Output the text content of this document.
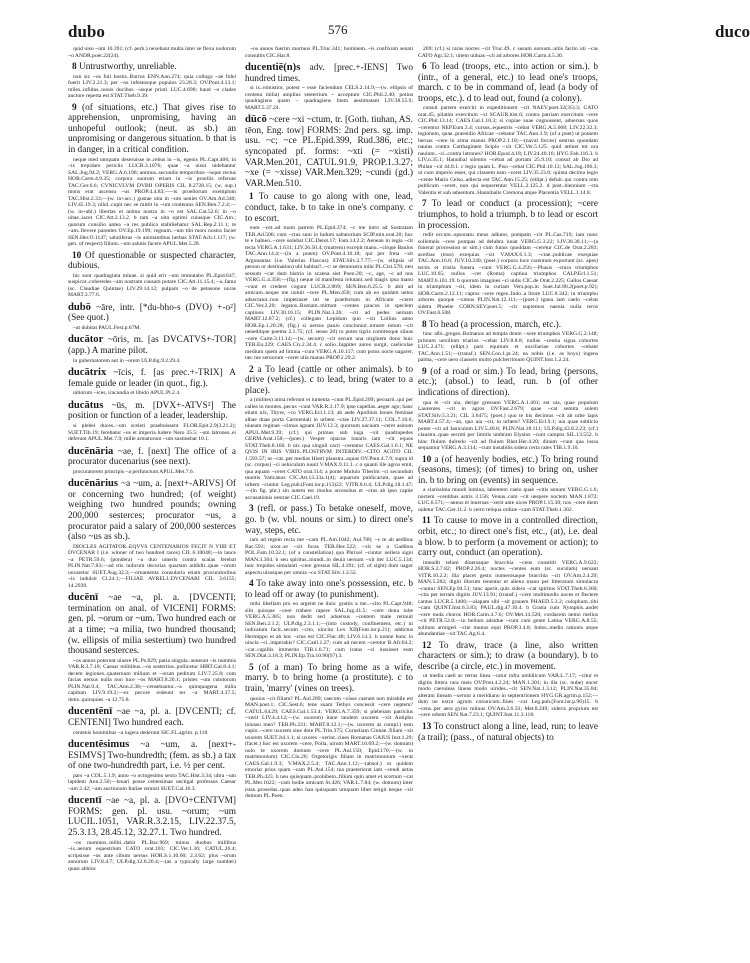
dubo	576	duco

quid uisu ~um 10.391; (cf. perh.) nexebant multa inter se flexu nodorum ~o ANDR.poet.22(24).

8 Untrustworthy, unreliable.

non sic ~os fuit hostis..Burrus ENN.Ann.274; quia colloga ~ae fidei fuerit LIV.2.21.3; per ~os infestosque populos 23.28.3; OV.Pont.4.13.1; miles..infidus..nouis ducibus ~usque priori LUC.4.698; baud ~o clades auctore reperta est STAT.Theb.9.39.

9 (of situations, etc.) That gives rise to apprehension, unpromising, having an unhopeful outlook; (neut. as sb.) an unpromising or dangerous situation. b that is in danger, in a critical condition.

neque med umquam deseruisse te..rebus in ~is, egenis PL.Capt.406; in ~is trepidare periclis LUCR.3.1076; quae ~a uisui uidebantur SAL.Jug.94.2; VERG.A.6.196; animus..secundis temporibus ~isque rectus HOR.Carm.4.9.35; corpora suorum etiam in ~is proeliis referunt TAC.Ger.6.6; CVNICVLVM DVBII OPERIS CIL 8.2728.15; (w. sup.) mons erat ascensu ~us PROP.4.4.83;—~is proeliorum exemplum TAC.Hist.2.33;—(w. in+acc.) gustae uita in ~um ueniet OV.Am.Ad.340; LIV.45.19.3; nihil..cupit nec se mittit in ~um contentus SEN.Ben.7.2.4;—(w. in+abl.) libertas et anima nostra in ~o est SAL.Cat.52.6; in ~o uitae..iacet CIC.Att.2.13.2. b tam ~a uita optimi cuiusque CIC.Am.; quorum consilio antea ~a res publica stabiliebatur SAL.Rep.2.11.1; te ~am..flevere parentes OV.Ep.19.199; regnum..~um tibi mors nostra faciet SEN.Her.O.1147; salutiferas ~is animantibus herbas STAT.Ach.1.117; (w. gen. of respect) filium..~um salutis facere APUL.Met.5.28.

10 Of questionable or suspected character, dubious.

hic sunt quadraginta minae. si quid erit ~um immutabo PL.Epid.647; suspicor..coheredes ~am nostram causam putare CIC.Att.11.15.4; ~a..fama (sc. Claudiae Quintae) LIV.29.14.12; pulpam ~o de petasone uoras MART.3.77.6.

dubō ~āre, intr. [*du-bho-s (DVO) +-o²] (See quot.)

~at dubitat PAUL.Fest.p.67M.

ducātor ~ōris, m. [as DVCATVS+-TOR] (app.) A marine pilot.

in gubernatorem aut in ~orem ULP.dig.9.2.29.4.

ducātrix ~īcis, f. [as prec.+-TRIX] A female guide or leader (in quot., fig.).

uitiorum ~ices, iracundia et libido APUL.Pl.2.4.

ducātus ~ūs, m. [DVX+-ATVS²] The position or function of a leader, leadership.

si plebei duces..~um sceleri praebuissent FLOR.Epit.2.9(3.21.2); SUET.Tib.19; ferebatur ~us et imperia ludere Nero 35.5; ~um latrones..ei deferunt APUL.Met.7.9; mille armatorum ~um sustinebat 10.1.

ducēnāria ~ae, f. [next] The office of a procurator ducenarius (see next).

procuratorem principis ~a perfunctum APUL.Met.7.6.

ducēnārius ~a ~um, a. [next+-ARIVS] Of or concerning two hundred; (of weight) weighing two hundred pounds; owning 200,000 sesterces; procurator ~us, a procurator paid a salary of 200,000 sesterces (also ~us as sb.).

DIOCLES AGITATOR..EQVVS CENTENARIOS FECIT N VIIII ET DVCENAR I (i.e. winner of two hundred races) CIL 6.10048;—in lance ~a PETR.59.6; (pondera) ~a duo umeris contra scalas ferebat PLIN.Nat.7.83;—ad tris iudicum decurias quartam addidit..quae ~orum uocaretur SUET.Aug.32.3;—ornamenta consularia etiam procuratoribus ~is indulsit Cl.24.1;—FILIAE AVRELI..DVCENARI CIL 3.6155; 14.2939.

ducēnī ~ae ~a, pl. a. [DVCENTI; termination on anal. of VICENI] FORMS: gen. pl. ~orum or ~um. Two hundred each or at a time; ~a milia, two hundred thousand; (w. ellipsis of milia sestertium) two hundred thousand sesterces.

~os annos poterunt uiuere PL.Ps.829; paria singula..ueneunt ~is nummis VAR.R.3.7.10; Caesar militibus..~os sestertios..pollicetur HIRT.Gal.8.4.1; decem legiones..quaternum milium et ~orum peditum LIV.7.25.8; cum facias uersus nulla non luce ~os MART.8.20.1; pristes ~um cubitorum PLIN.Nat.9.4; TAC.Ann.2.38;—censebantur..~a quinquagena milia capitum LIV.9.19.2;—ex pecore redeunt ter ~a MART.4.37.5; dotis..quinquies ~a 12.75.8.

ducentēnī ~ae ~a, pl. a. [DVCENTI; cf. CENTENI] Two hundred each.

centenis hominibus ~a iugera dederunt SIC.FL.agrim. p.118.

ducentēsimus ~a ~um, a. [next+-ESIMVS] Two-hundredth; (fem. as sb.) a tax of one two-hundredth part, i.e. ½ per cent.

pars ~a COL.5.1.9; anno ~o octogesimo sexto TAC.Hist.3.34; ultra ~um lapidem Ann.2.50;—leuari posse centesimae uectigal professus Caesar ~am 2.42; ~am auctionum Italiae remisit SUET.Cal.16.3.

ducentī ~ae ~a, pl. a. [DVO+CENTVM] FORMS: gen. pl. usu. ~orum; ~um LUCIL.1051, VAR.R.3.2.15, LIV.22.37.5, 25.3.13, 28.45.12, 32.27.1. Two hundred.

~os nummos..militi..dabit PL.Bac.969; minus duobus millibus ~is..aerum equestrium CATO orat.103; CIC.Ver.1.36; CATUL.26.4; scripsisse ~os ante cibum uersus HOR.S.1.10.60; 2.3.62; plus ~orum annorum LIV.8.4.7; ULP.dig.12.6.26.4;—(as a typically large number) quasi abhinc

~os annos fuerim mortuos PL.Truc.341; hominem..~is confixum senati consultis CIC.Har.8.

ducentiē(n)s adv. [prec.+-IENS] Two hundred times.

si is..robustior, potest ~ esse faciendum CELS.2.14.9;—(w. ellipsis of centena milia) amplius sestertium ~ acceptum CIC.Phil.2.40; potius quadragiens quam ~ quadragiens litem aestimatam LIV.38.55.9; MART.5.37.24.

dūcō ~cere ~xi ~ctum, tr. [Goth. tiuhan, AS. tēon, Eng. tow] FORMS: 2nd pers. sg. imp. usu. ~c; ~ce PL.Epid.399, Rud.386, etc.; syncopated pf. forms: ~xti (= ~xisti) VAR.Men.201, CATUL.91.9, PROP.1.3.27; ~xe (= ~xisse) VAR.Men.329; ~cundi (gd.) VAR.Men.510.

1 To cause to go along with one, lead, conduct, take. b to take in one's company. c to escort.

eum ~cet..ad tuom patrem PL.Epid.374; ~c me intro ad Sostratam TER.Ad.506; cum ~ctus sum in ludum saltatorium SCIP.min.orat.20; huc te e balneo..~cere uolebat CIC.Deiot.17; Fam.14.2.2; Aenean in regia ~cit tecta VERG.A.1.631; LIV.26.50.4; (matrem) excepit manu..~citque Baulos TAC.Ann.14.4;—(in a poem) OV.Pont.4.16.18; qui per freta ~xit Argonautas (i.e. Valerius Flaccus) STAT.Silv.2.7.77;—(w. ellipsis of person or destination) ubi habitat?..~c: se demonstra mihi PL.Cist.578; neu sessum ~cat dum histrio in scaena siet Poen.20; ~c, age, ~c ad nos VERG.G.4.358;—(fig.) neque id manifesta relutant..sed magis ipsa manu ~cunt et credere cogunt LUCR.2.869; SEN.Ben.6.25.5. b abit ad amicam..neque me uoluit ~cere PL.Men.450; cum ab eo quidam uetus adsectator..non impetrazet uti se praefectum in Africam ~ceret CIC.Ver.2.20; legatos..Romam..mittunt ~centes paucos in speciem captiuos LIV.30.16.15; PLIN.Nat.3.26; ~cit ad pedes uernam MART.12.87.2; (cf.) collegam Lepidum quo ~xit Lollius anno HOR.Ep.1.20.28; (fig.) si uersus paulo concinnior..intuste totum ~cit ueneditque poema 2.1.75; (cf. sense 20) tu potes tigris comitesque siluas ~cere Carm.3.11.14;—(w. secum) ~cit secum una uirginem dono huic TER.Eu.229; CAES.Civ.2.34.4. c solio..Iuppiter aureo surgit, caelicolae medium quem ad limina ~cunt VERG.A.10.117; cum potus nocte uagarer, nec me seruorum ~ceret ulla manus PROP.2.29.2.

2 a To lead (cattle or other animals). b to drive (vehicles). c to lead, bring (water to a place).

a (milites) arma referunt et iumenta ~cunt PL.Epid.209; pecuarii..qui per calles in montes..pecus ~cunt VAR.R.3.17.9; ipse capellas..aeger ago; hanc etiam uix, Tityre, ~co VERG.Ecl.1.13; ab aede Apollinis boues feminae albae duae porta Carmentali in urbem ~ctae LIV.27.37.11; COL.7.10.6; niueam reginae ~cimus agnam JUV.12.3; quorsum uacuum ~ceret asinum APUL.Met.9.39; (cf.) qui primus sub iuga ~xit quadrupedes GERM.Arat.158;—(poet.) Vesper opacus lunaris iam ~cit equos STAT.Theb.8.160. b uix qua singuli carri ~cerentur CAES.Gal.1.6.1; NE QVIS IN IRIS VIRIS..PLOSTRVM INTERDIV..~CITO AGITO CIL 1.593.57; ut ~cat..per medias Histri plaustra..aquas OV.Pont.4.7.9; supra id (sc. corpus) ~ci uehiculum iussit V.MAX.9.11.1. c o quanti ille agros emit, qua aquam ~ceret CATO orat.114; a ponte Muluio Tiberim ~ci secundum montis Vaticanos CIC.Att.13.33a.1(4); aquarum publicarum, quae ad urbem ~cuntur Leg.pub.(Font.iur.p.113)22; VITR.8.6.4; ULP.dig.18.1.47;—(in fig. phr.) sin autem est riuolus arcessitus et ~ctus ab ipso capite accusationis uestrae CIC.Cael.19.

3 (refl. or pass.) To betake oneself, move, go. b (w. vbl. nouns or sim.) to direct one's way, steps, etc.

iam ad regem recta me ~cam PL.Am.1042; Aul.708; ~c te ab aedibus Bac.593; uxor..se ~xit foras TER.Hec.522; ~xit se a Gadibus POL.Fam.10.32.1; (of a constellation) qua Phrixei ~cuntur uellera signi MAN.3.304. b seu spiritus..mundi..in deuia uersum ~xit iter LUC.5.134; huic trepidos simulanti ~cere gressus SIL.4.391; (cf. of sight) dum uagor aspectu uisusque per omnia ~co STAT.Silv.1.3.52.

4 To take away into one's possession, etc. b to lead off or away (to punishment).

mihi libellam pro eo argenti ne duis: gratiis a me..~cito PL.Capt.948; sibi quisque ~cere trahere rapere SAL.Jug.41.5; ~cere dona iube VERG.A.5.385; non dedit sed aduersus ~centem male retinuit SEN.Ben.2.1.2; ULP.dig.2.3.1.1;—(into custody, confinement, etc.) ni iudicatum facit..secum ~cito, uincito Lex XII(Font.iur.p.21); addictus Hermippo et ab hoc ~ctus est CIC.Flac.48; LIV.6.14.3. b nonne hunc in uincla ~ci..imperabis? CIC.Catil.1.27; cum ad necem ~ceretur B.Afr.64.2; ~car..capillis immerito TIB.1.6.71; cum iratus ~ci iussisset eum SEN.Dial.3.18.3; PLIN.Ep.Tra.10.96(97).3.

5 (of a man) To bring home as a wife, marry. b to bring home (a prostitute). c to train, 'marry' (vines on trees).

quoius ~cit filiam? PL.Aul.289; caecum ~xisse caeram non mirabile est MAN.poet.1; CIC.Sest.6; tene suam Tethys concessit ~cere neptem? CATUL.64.29; CAES.Gal.1.53.4; VERG.A.7.359; si plebeiam patricius ~xerit LIV.4.4.12;—(w. uxorem) itane tandem uxorem ~xit Antipho iniussu meo? TER.Ph.231; MART.8.12.1;—(w. uxorem as compl.) eam cupio..~cere uxorem sine dote PL.Trin.375; Corneliam Cinnae..filiam ~xit uxorem SUET.Jul.1.1; si uxores ~xerint..ciues Romanas GAIUS Inst.1.29; (facet.) hoc est uxorem ~cere, Polla, uirum MART.10.69.2;—(w. domum) uolo te uxorem domum ~cere PL.Aul.150; Epid.170;—(w. in matrimonium) CIC.Clu.26; Orgetorigis filiam in matrimonium ~xerat CAES.Gal.1.9.3; V.MAX.2.5.4; TAC.Ann.1.12;—(absol.) ut quidem emoriar prius quam ~cam PL.Aul.154; tua praeterierat iam ~cendi aetas TER.Ph.423. b neu quisquam..prohibeto..filium quin amet et scortum ~cat PL.Mer.1022; ~cam hodie amicam St.426; VAR.L.7.84; (w. domum) inter istas..prosedas..quas adeo hau quisquam umquam liber tetigit neque ~xit domum PL.Poen.

269; (cf.) si raras noctes ~cit Truc.49. c susum uorsum..uitis facito uti ~cas CATO Agr.32.1; uitem uiduas ~cit ad arbores HOR.Carm.4.5.30.

6 To lead (troops, etc., into action or sim.). b (intr., of a general, etc.) to lead one's troops, march. c to be in command of, lead (a body of troops, etc.). d to lead out, found (a colony).

consul partem exerciti in expeditionem ~cit NAEV.poet.32(35).3; CATO orat.45; pilatim exercitum ~xi SCAUR.hist.6; contra patriam exercitum ~cere CIC.Phil.13.14; CAES.Gal.1.10.3; si copiae suae cognossent, aduersus quos ~cerentur NEP.Eum.3.4; cursus..equestris ~cebat VERG.A.5.668; LIV.22.32.3; legionem, quae..praesidio Africae ~cebatur TAC.Ann.3.9; (of a poet) ut possem heroas ~cere in arma manus PROP.2.1.18;—(naval forces) uestrus quondam nautas contra Carthaginem Scipio ~xit CIC.Ver.5.125. quid attinet tot ora nauium..~ci..contra latrones? HOR.Epod.4.18; LIV.24.40.16; HYG.Fab.116.3. b LIV.n.35.1; Hannibal silentio ~cebat ad portam 25.9.10; consul ab Dio ad Philan ~cit 44.8.1. c legio quam L. Piso ~cebat CIC.Phil.10.13; SAL.Jug.106.3; ut cum imperio esset, qui classem eam ~ceret LIV.35.23.6; quinta decima legio ~cente Mario Celso..adiecta est TAC.Ann.15.25; (ellipt.) defuit..qui contra rem publicam ~ceret, non qui sequerentur VELL.2.125.2. d post..biennium ~cta Valentia et sub aduentum..Hannibalis Cremona atque Placentia VELL.1.14.8.

7 To lead or conduct (a procession); ~cere triumphos, to hold a triumph. b to lead or escort in procession.

redit eccum..opsonatu meus adiutor, pompam ~cit PL.Cas.719; iam nunc sollemnis ~cere pompas ad delubra iuuat VERG.G.3.22; LIV.30.38.11;—(a funeral procession or sim.) cum funus quoddam ~ceretur CIC.de Orat.2.283; acerbas (eius) exequias ~xit V.MAX.6.1.3; ~ctae..publicae exequiae TAC.Ann.16.6; JUV.10.240; (poet.) corpora luce carentum exportant (sc. apes) tectis et tristia funera ~cunt VERG.G.4.256;—Phasis ~ctura triumphos LUC.10.65; nullos ~cet (Roma) captiua triumphos CALP.Ecl.1.51; MART.6.101.19. b quorum imagines ~ci uidis CIC.de Orat.2.225; Gallos Caesar in triumphum ~cit, idem in curiam Vers.pop.in Suet.Jul.80.2(poet.p.92); HOR.Carm.2.12.11; captos ~cere reges..Indo..a litore LUC.8.342; in triumpho arbores quoque ~ximus PLIN.Nat.12.111;—(poet.) ignea iam caelo ~cebat sidera Phoebe CORN.SEV.poet.5; ~cit supremos naenia nulla teros OV.Fast.6.508.

8 To head (a procession, march, etc.).

hinc albi..greges..Romanos ad templa deum ~xere triumphos VERG.G.2.148; primum uexillum triarios ~cebat LIV.8.8.8; nullas ~centia signa cohortes LUC.2.471; (ellipt.) pars equitum et auxiliariae cohortes ~cebant TAC.Ann.1.51;—(transf.) SEN.Con.1.pr.24; ea nobis (i.e. as boys) ingens palma, ~cere uero classem multo pulcherrimum QUINT.Inst.1.2.24.

9 (of a road or sim.) To lead, bring (persons, etc.); (absol.) to lead, run. b (of other indications of direction).

qua te ~cit uia, derige gressum VERG.A.1.401; est uia, quae populum Laurentes ~cit in agros OV.Fast.2.679; quae ~cat semita solem STAT.Silv.5.3.21; CIL 3.6475; (poet.) quo te bis decimus ~cit ab urbe lapis MART.4.57.4;—an, quo uia ~cit, in urbem? VERG.Ecl.9.1; uia quae sublicio ponte ~cit ad Ianiculum LIV.5.40.8; PLIN.Nat.18.111; ULP.dig.43.8.2.23; (cf.) claustra..quae secreti per limitis umbram Elysios ~cunt campos SIL.13.552. b hinc fluium dulredo ~cit ad fluium Rhet.Her.4.20; dinum ~cunt qua iussa sequamur VERG.A.3.114; ~cunt instabilis sidera certa rates TIB.1.9.10.

10 a (of heavenly bodies, etc.) To bring round (seasons, times); (of times) to bring on, usher in. b to bring on (events) in sequence.

a clarissima mundi lumina, labentem caelo quae ~citis annum VERG.G.1.6; noctem ~centibus astris 3.156; Venus..cum ~cit uespere noctem MAN.1.872; LUC.6.571;—annus et inuersas ~xerit ante uices PROP.1.15.30; nox ~cere diem uidetur TAC.Ger.11.2. b certo reliqua ordine ~cam STAT.Theb.1.302.

11 To cause to move in a controlled direction, orbit, etc.; to direct one's fist, etc., (at), i.e. deal a blow. b to perform (a movement or action); to carry out, conduct (an operation).

intendit telum diuersaque bracchia ~cens constitit VERG.A.9.623; HOR.S.2.7.82; PROP.2.26.4; noctes ~centes eum (sc. suculam) uersant VITR.10.2.2; illa placet gestu numerosaque bracchia ~cit OV.Am.2.4.29; MAN.5.282; digiti illorum tenentur et aliena manu per litterarum simulacra ~cuntur SEN.Ep.94.51; tunc aperit..quis sidera ~cat spiritus STAT.Theb.6.360; ~ctis per terram digitis JUV.13.91; (transf.) ~cere multimodis uoces et flectere cantus LUCR.5.1406;—alapam sibi ~sit grauem PHAED.5.3.2; colophum..tibi ~cam QUINT.Inst.6.3.83; PAUL.dig.47.10.4. b Gratia cum Nymphis..andet ~cere nuda choros HOR.Carm.4.7.6; OV.Met.14.520; cordacem nemo melius ~cit PETR.52.8;—in bellum adsidue ~cunt cum gente Latina VERG.A.8.55; solitum armigeri ~cite munus equi PROP.3.4.8; Indos..medio rationis atque abundantiae ~xit TAC.Ag.6.4.

12 To draw, trace (a line, also written characters or sim.); to draw (a boundary). b to describe (a circle, etc.) in movement.

ut media caeli ac terras linea ~catur infra umbilicum VAR.L.7.17; ~citur et digitis littera rara meis OV.Pont.4.2.24; MAN.1.301; in illa (sc. nube) uncer modo caeruleas lineas modo uirides..~cit SEN.Nat.1.3.12; PLIN.Nat.35.84; alteram lineam ~xerunt a meridiano in septentrionem HYG.GR.agrim.p.152;—dum ne extra agrum colonicum..fines ~cat Leg.pub.(Font.iur.p.96)15. b ~cens..per aera gyros miluus OV.Am.2.6.33; Met.8.249; sideris proprium est ~cere orbem SEN.Nat.7.23.1; QUINT.Inst.11.3.118.

13 To construct along a line, lead, run; to leave (a trail); (pass., of natural objects) to
